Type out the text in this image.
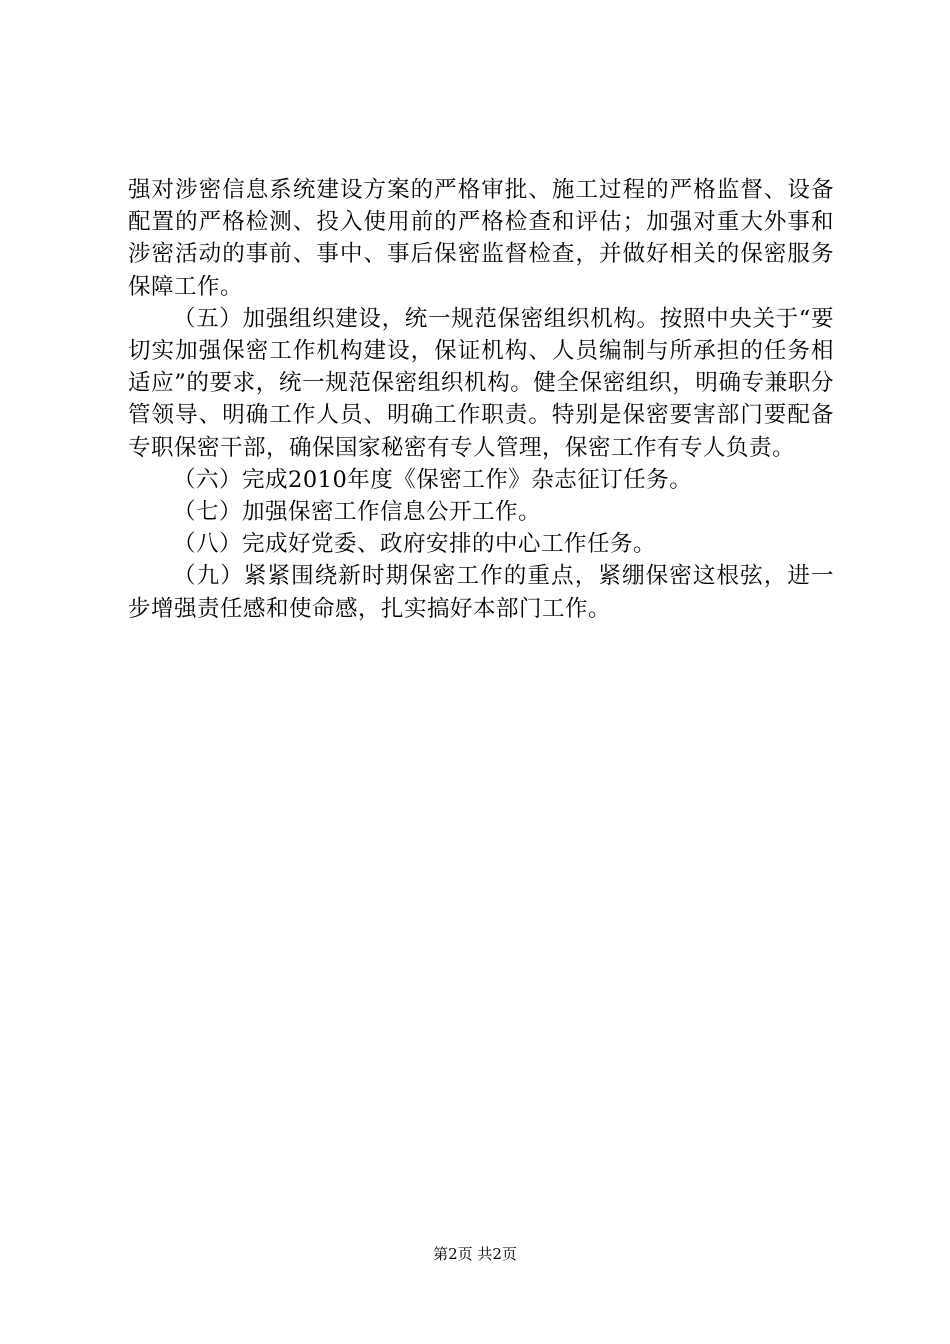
强对涉密信息系统建设方案的严格审批、施工过程的严格监督、设备配置的严格检测、投入使用前的严格检查和评估；加强对重大外事和涉密活动的事前、事中、事后保密监督检查，并做好相关的保密服务保障工作。

（五）加强组织建设，统一规范保密组织机构。按照中央关于“要切实加强保密工作机构建设，保证机构、人员编制与所承担的任务相适应”的要求，统一规范保密组织机构。健全保密组织，明确专兼职分管领导、明确工作人员、明确工作职责。特别是保密要害部门要配备专职保密干部，确保国家秘密有专人管理，保密工作有专人负责。

（六）完成2010年度《保密工作》杂志征订任务。

（七）加强保密工作信息公开工作。

（八）完成好党委、政府安排的中心工作任务。

（九）紧紧围绕新时期保密工作的重点，紧绷保密这根弦，进一步增强责任感和使命感，扎实搞好本部门工作。

第2页 共2页
